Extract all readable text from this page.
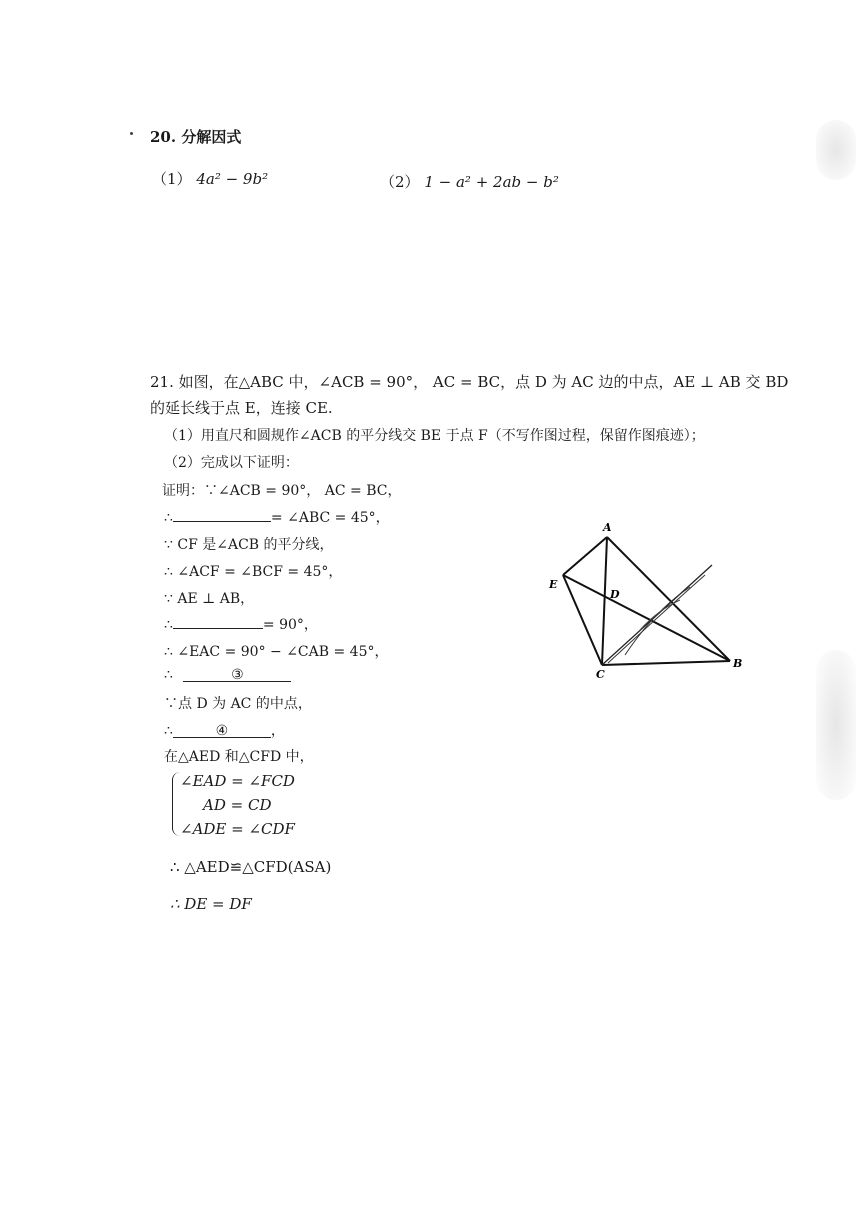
20. 分解因式
（1） 4a² − 9b²	（2） 1 − a² + 2ab − b²
21. 如图，在△ABC 中，∠ACB = 90°， AC = BC，点 D 为 AC 边的中点，AE ⊥ AB 交 BD
的延长线于点 E，连接 CE.
（1）用直尺和圆规作∠ACB 的平分线交 BE 于点 F（不写作图过程，保留作图痕迹）；
（2）完成以下证明：
证明：∵∠ACB = 90°， AC = BC，
∴	= ∠ABC = 45°，
∵ CF 是∠ACB 的平分线，
∴ ∠ACF = ∠BCF = 45°，
∵ AE ⊥ AB，
∴	= 90°，
∴ ∠EAC = 90° − ∠CAB = 45°，
∴	③
∵点 D 为 AC 的中点，
∴	④	，
在△AED 和△CFD 中，
∠EAD = ∠FCD
AD = CD
∠ADE = ∠CDF
∴ △AED≌△CFD(ASA)
∴ DE = DF
A
E
D
C
B
